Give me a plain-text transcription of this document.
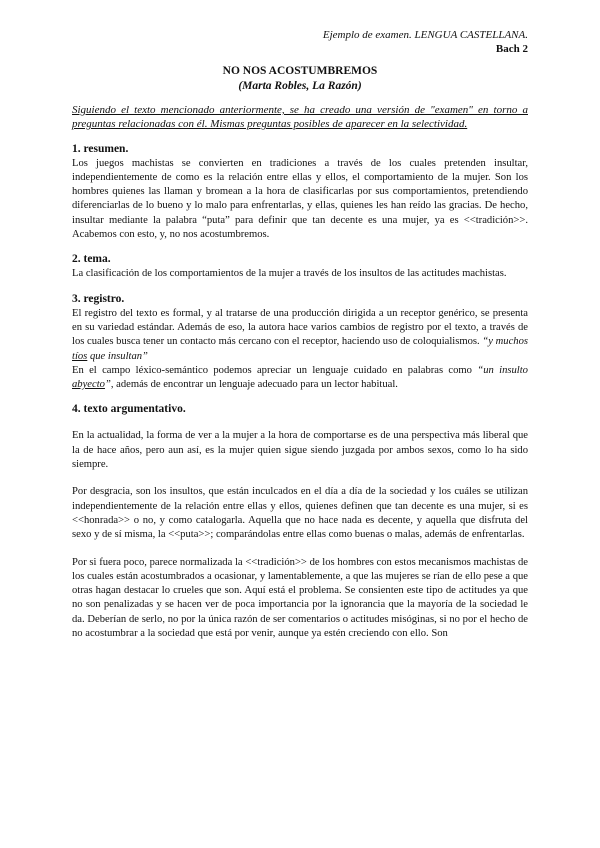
Ejemplo de examen. LENGUA CASTELLANA.
Bach 2
NO NOS ACOSTUMBREMOS
(Marta Robles, La Razón)
Siguiendo el texto mencionado anteriormente, se ha creado una versión de "examen" en torno a preguntas relacionadas con él. Mismas preguntas posibles de aparecer en la selectividad.
1. resumen.

Los juegos machistas se convierten en tradiciones a través de los cuales pretenden insultar, independientemente de como es la relación entre ellas y ellos, el comportamiento de la mujer. Son los hombres quienes las llaman y bromean a la hora de clasificarlas por sus comportamientos, pretendiendo diferenciarlas de lo bueno y lo malo para enfrentarlas, y ellas, quienes les han reído las gracias. De hecho, insultar mediante la palabra “puta” para definir que tan decente es una mujer, ya es <<tradición>>. Acabemos con esto, y, no nos acostumbremos.

2. tema.

La clasificación de los comportamientos de la mujer a través de los insultos de las actitudes machistas.

3. registro.

El registro del texto es formal, y al tratarse de una producción dirigida a un receptor genérico, se presenta en su variedad estándar. Además de eso, la autora hace varios cambios de registro por el texto, a través de los cuales busca tener un contacto más cercano con el receptor, haciendo uso de coloquialismos. “y muchos tíos que insultan”

En el campo léxico-semántico podemos apreciar un lenguaje cuidado en palabras como “un insulto abyecto”, además de encontrar un lenguaje adecuado para un lector habitual.

4. texto argumentativo.

En la actualidad, la forma de ver a la mujer a la hora de comportarse es de una perspectiva más liberal que la de hace años, pero aun así, es la mujer quien sigue siendo juzgada por ambos sexos, como lo ha sido siempre.

Por desgracia, son los insultos, que están inculcados en el día a día de la sociedad y los cuáles se utilizan independientemente de la relación entre ellas y ellos, quienes definen que tan decente es una mujer, si es <<honrada>> o no, y como catalogarla. Aquella que no hace nada es decente, y aquella que disfruta del sexo y de sí misma, la <<puta>>; comparándolas entre ellas como buenas o malas, además de enfrentarlas.

Por si fuera poco, parece normalizada la <<tradición>> de los hombres con estos mecanismos machistas de los cuales están acostumbrados a ocasionar, y lamentablemente, a que las mujeres se rían de ello pese a que otras hagan destacar lo crueles que son. Aquí está el problema. Se consienten este tipo de actitudes ya que no son penalizadas y se hacen ver de poca importancia por la ignorancia que la mayoría de la sociedad le da. Deberían de serlo, no por la única razón de ser comentarios o actitudes misóginas, si no por el hecho de no acostumbrar a la sociedad que está por venir, aunque ya estén creciendo con ello. Son
